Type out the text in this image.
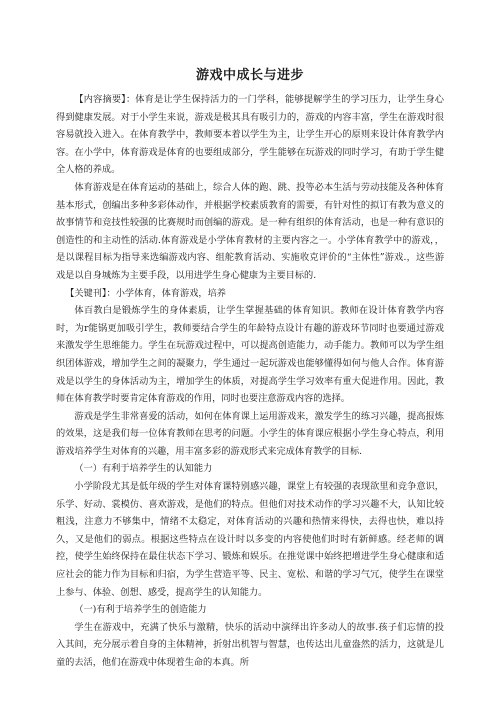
游戏中成长与进步

【内容摘要】：体育是让学生保持活力的一门学科，能够提解学生的学习压力，让学生身心得到健康发展。对于小学生来说，游戏是极其具有吸引力的，游戏的内容丰富，学生在游戏时很容易就投入进入。在体育教学中，教师要本着以学生为主，让学生开心的原则来设计体育教学内容。在小学中，体育游戏是体育的也要组成部分，学生能够在玩游戏的同时学习，有助于学生健全人格的养成。

体育游戏是在体育运动的基础上，综合人体的跑、跳、投等必本生活与劳动技能及各种体育基本形式，创编出多种多彩体动作，并根据学校素质教育的需要，有针对性的拟订有教为意义的故事情节和竞技性较强的比赛规时而创编的游戏。是一种有组织的体育活动，也是一种有意识的创造性的和主动性的活动.体育游戏是小学体育教材的主要内容之一。小学体育教学中的游戏，，是以课程目标为指导来选编游戏内容、组舵教育活动、实施收克评价的“主体性”游戏.，这些游戏是以自身城炼为主要手段，以用进学生身心健康为主要目标的.

【关键刊】：小学体育，体育游戏，培养

体百教白是锻炼学生的身体素质，让学生掌握基础的体育知识。教师在设计体育教学内容时，为r能锅更加吸引学生，教师要结合学生的年龄特点设计有趣的游戏环节同时也要通过游戏来激发学生思维能力。学生在玩游戏过程中，可以提高创造能力，动手能力。教师可以为学生组织团体游戏，增加学生之间的凝聚力，学生通过一起玩游戏也能够懂得如何与他人合作。体育游戏是以学生的身体活动为主，增加学生的体质，对提高学生学习效率有重大促进作用。因此，教师在体育教学时要肯定体育游戏的作用，同时也要注意游戏内容的选择。

游戏是学生非常喜爱的活动，如何在体育课上运用游戏来，激发学生的练习兴趣，提高报炼的效果，这是我们每一位体育教师在思考的问题。小学生的体育课应根据小学生身心特点，利用游戏培养学生对体育的兴趣，用丰富多彩的游戏形式来完成体育教学的目标.

（一）有利于培养学生的认知能力

小学阶段尤其是低年级的学生对体育课特别感兴趣，课堂上有较强的表现欲里和竞争意识，乐学、好动、裳模仿、喜欢游戏，是他们的特点。但他们对技术动作的学习兴趣不大，认知比较粗浅，注意力不够集中，情绪不太稳定，对体育活动的兴趣和热情来得快，去得也快，难以持久，又是他们的弱点。根据这些特点在设计时以多变的内容使他们时时有新鲜感。经老师的调控，使学生始终保持在最住状态下学习、锻炼和娱乐。在推觉课中始终把增进学生身心健康和适应社会的能力作为目标和归宿，为学生营造平等、民主、宽松、和谐的学习气冗，使学生在课堂上参与、体验、创想、感受，提高学生的认知能力。

（一)有利于培养学生的创造能力

学生在游戏中，充满了快乐与激精，快乐的活动中演绎出许多动人的故事.孩子们忘情的投入其间，充分展示着自身的主体精神，折射出机智与智慧，也传达出儿童盎然的活力，这就是儿童的去活，他们在游戏中体现着生命的本真。所
